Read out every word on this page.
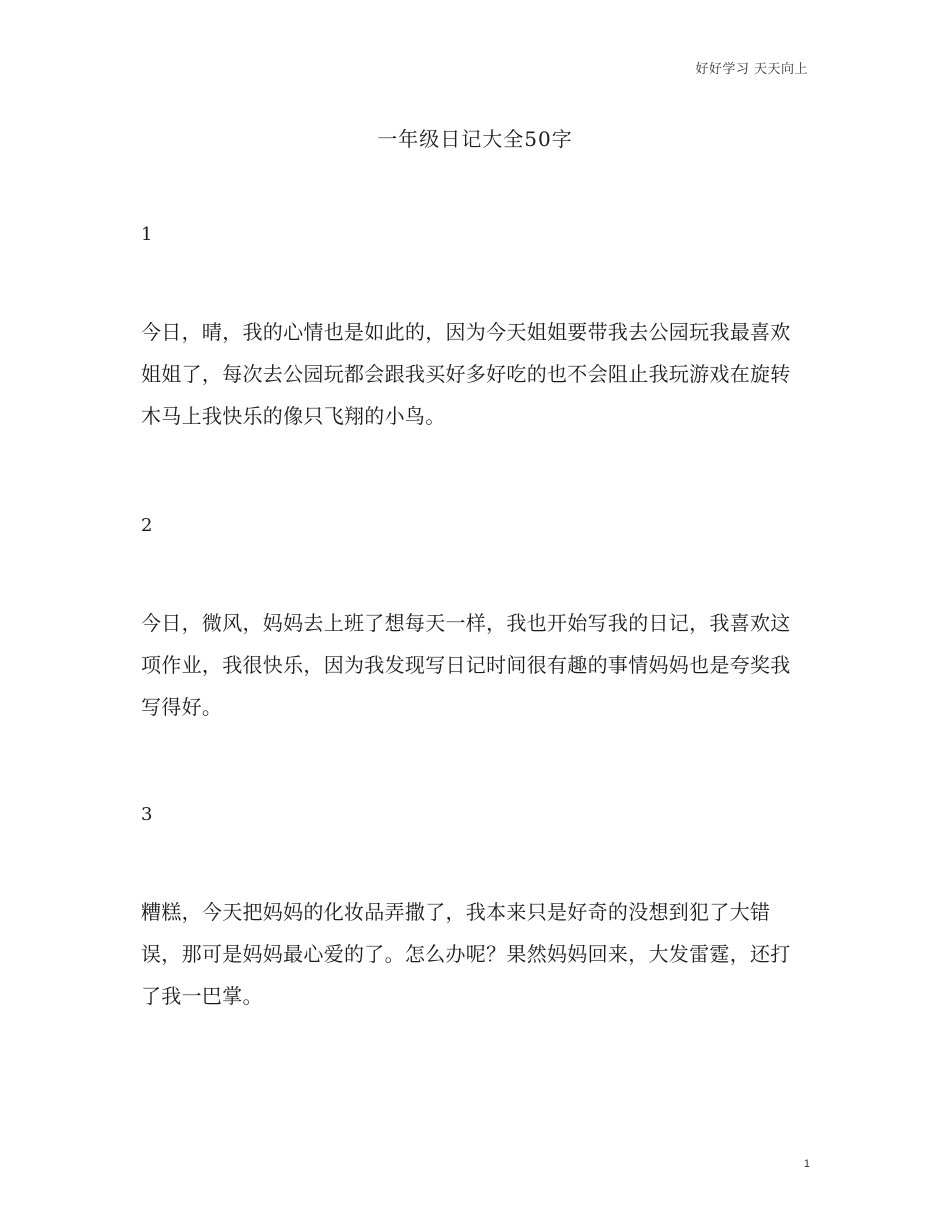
好好学习 天天向上
一年级日记大全50字
1

今日，晴，我的心情也是如此的，因为今天姐姐要带我去公园玩我最喜欢姐姐了，每次去公园玩都会跟我买好多好吃的也不会阻止我玩游戏在旋转木马上我快乐的像只飞翔的小鸟。

2

今日，微风，妈妈去上班了想每天一样，我也开始写我的日记，我喜欢这项作业，我很快乐，因为我发现写日记时间很有趣的事情妈妈也是夸奖我写得好。

3

糟糕，今天把妈妈的化妆品弄撒了，我本来只是好奇的没想到犯了大错误，那可是妈妈最心爱的了。怎么办呢？果然妈妈回来，大发雷霆，还打了我一巴掌。

1
